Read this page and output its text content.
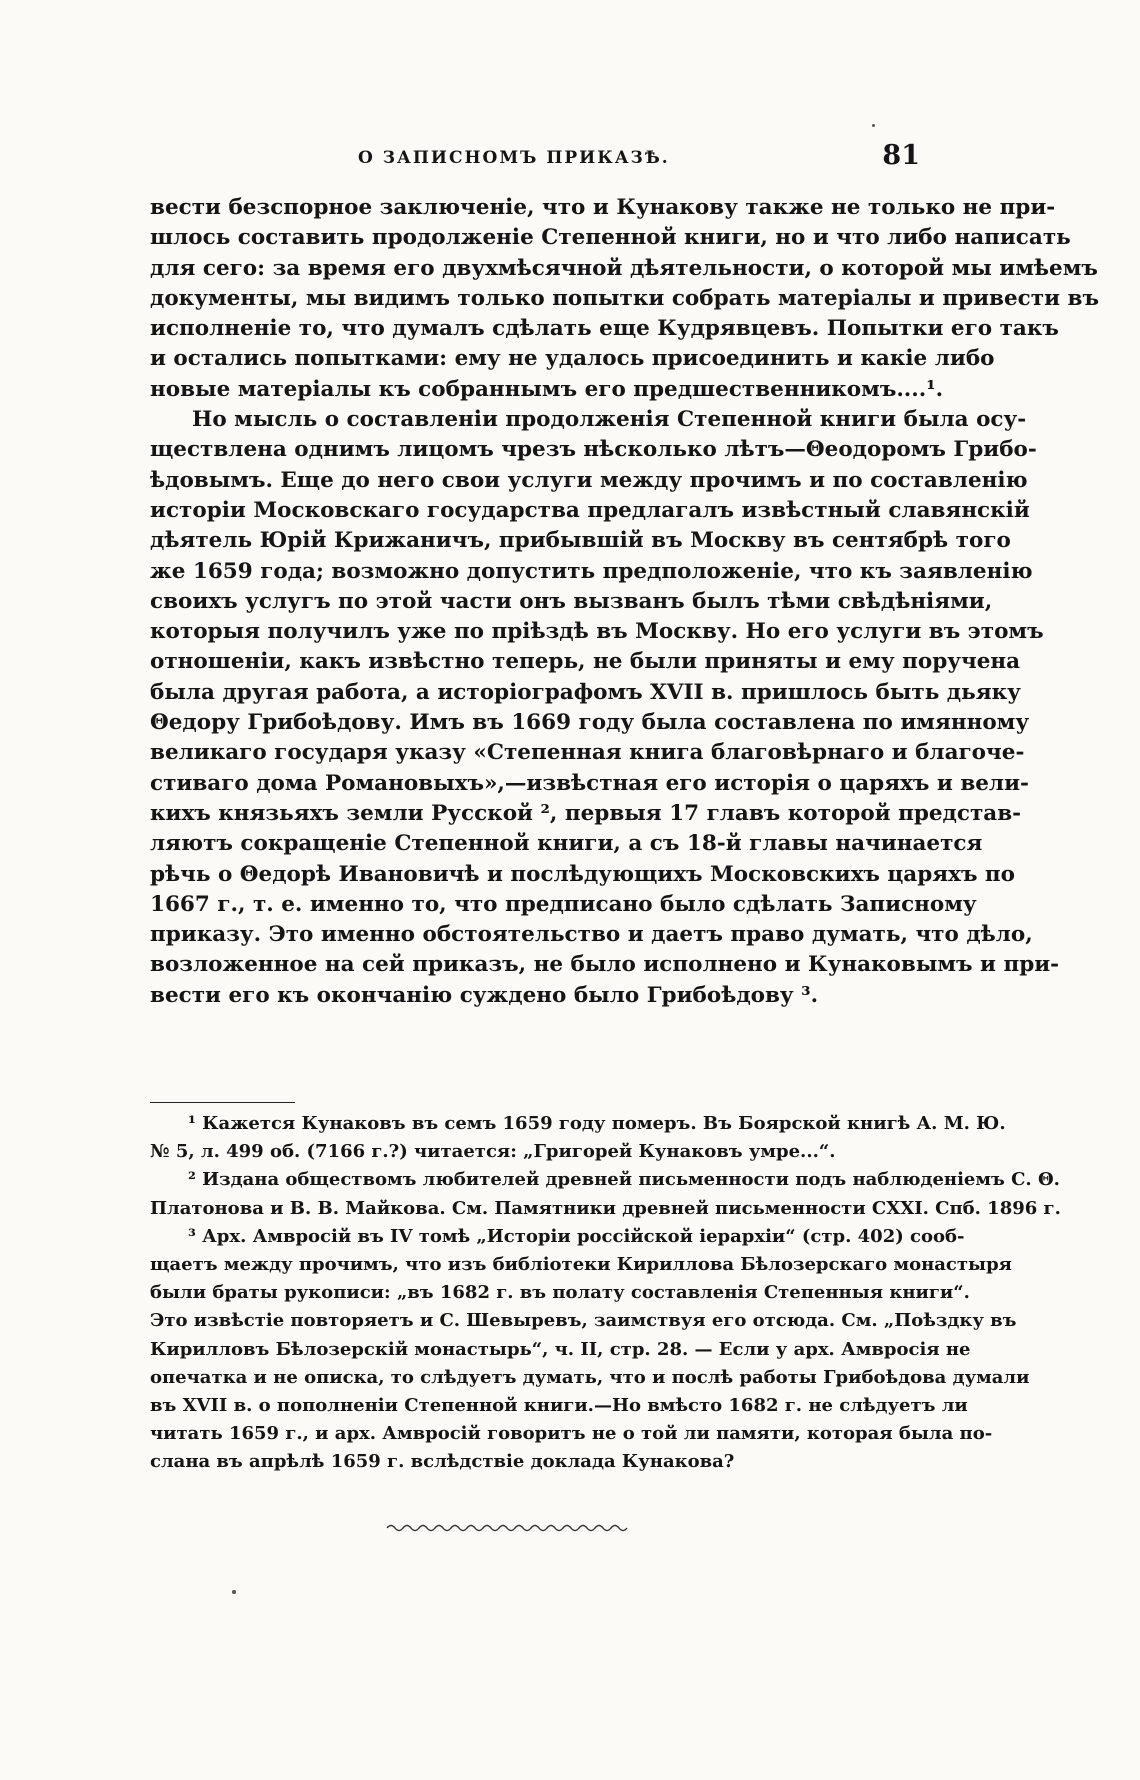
О ЗАПИСНОМЪ ПРИКАЗѢ.	81
вести безспорное заключенiе, что и Кунакову также не только не при-
шлось составить продолженiе Степенной книги, но и что либо написать
для сего: за время его двухмѣсячной дѣятельности, о которой мы имѣемъ
документы, мы видимъ только попытки собрать матерiалы и привести въ
исполненiе то, что думалъ сдѣлать еще Кудрявцевъ. Попытки его такъ
и остались попытками: ему не удалось присоединить и какiе либо
новые матерiалы къ собраннымъ его предшественникомъ....¹.
Но мысль о составленiи продолженiя Степенной книги была осу-
ществлена однимъ лицомъ чрезъ нѣсколько лѣтъ—Θеодоромъ Грибо-
ѣдовымъ. Еще до него свои услуги между прочимъ и по составленiю
исторiи Московскаго государства предлагалъ извѣстный славянскiй
дѣятель Юрiй Крижаничъ, прибывшiй въ Москву въ сентябрѣ того
же 1659 года; возможно допустить предположенiе, что къ заявленiю
своихъ услугъ по этой части онъ вызванъ былъ тѣми свѣдѣнiями,
которыя получилъ уже по прiѣздѣ въ Москву. Но его услуги въ этомъ
отношенiи, какъ извѣстно теперь, не были приняты и ему поручена
была другая работа, а исторiографомъ XVII в. пришлось быть дьяку
Θедору Грибоѣдову. Имъ въ 1669 году была составлена по имянному
великаго государя указу «Степенная книга благовѣрнаго и благоче-
стиваго дома Романовыхъ»,—извѣстная его исторiя о царяхъ и вели-
кихъ князьяхъ земли Русской ², первыя 17 главъ которой представ-
ляютъ сокращенiе Степенной книги, а съ 18-й главы начинается
рѣчь о Θедорѣ Ивановичѣ и послѣдующихъ Московскихъ царяхъ по
1667 г., т. е. именно то, что предписано было сдѣлать Записному
приказу. Это именно обстоятельство и даетъ право думать, что дѣло,
возложенное на сей приказъ, не было исполнено и Кунаковымъ и при-
вести его къ окончанiю суждено было Грибоѣдову ³.
¹ Кажется Кунаковъ въ семъ 1659 году померъ. Въ Боярской книгѣ А. М. Ю.
№ 5, л. 499 об. (7166 г.?) читается: „Григорей Кунаковъ умре...“.
² Издана обществомъ любителей древней письменности подъ наблюденiемъ С. Θ.
Платонова и В. В. Майкова. См. Памятники древней письменности CXXI. Спб. 1896 г.
³ Арх. Амвросiй въ IV томѣ „Исторiи россiйской iерархiи“ (стр. 402) сооб-
щаетъ между прочимъ, что изъ библiотеки Кириллова Бѣлозерскаго монастыря
были браты рукописи: „въ 1682 г. въ полату составленiя Степенныя книги“.
Это извѣстiе повторяетъ и С. Шевыревъ, заимствуя его отсюда. См. „Поѣздку въ
Кирилловъ Бѣлозерскiй монастырь“, ч. II, стр. 28. — Если у арх. Амвросiя не
опечатка и не описка, то слѣдуетъ думать, что и послѣ работы Грибоѣдова думали
въ XVII в. о пополненiи Степенной книги.—Но вмѣсто 1682 г. не слѣдуетъ ли
читать 1659 г., и арх. Амвросiй говоритъ не о той ли памяти, которая была по-
слана въ апрѣлѣ 1659 г. вслѣдствiе доклада Кунакова?
